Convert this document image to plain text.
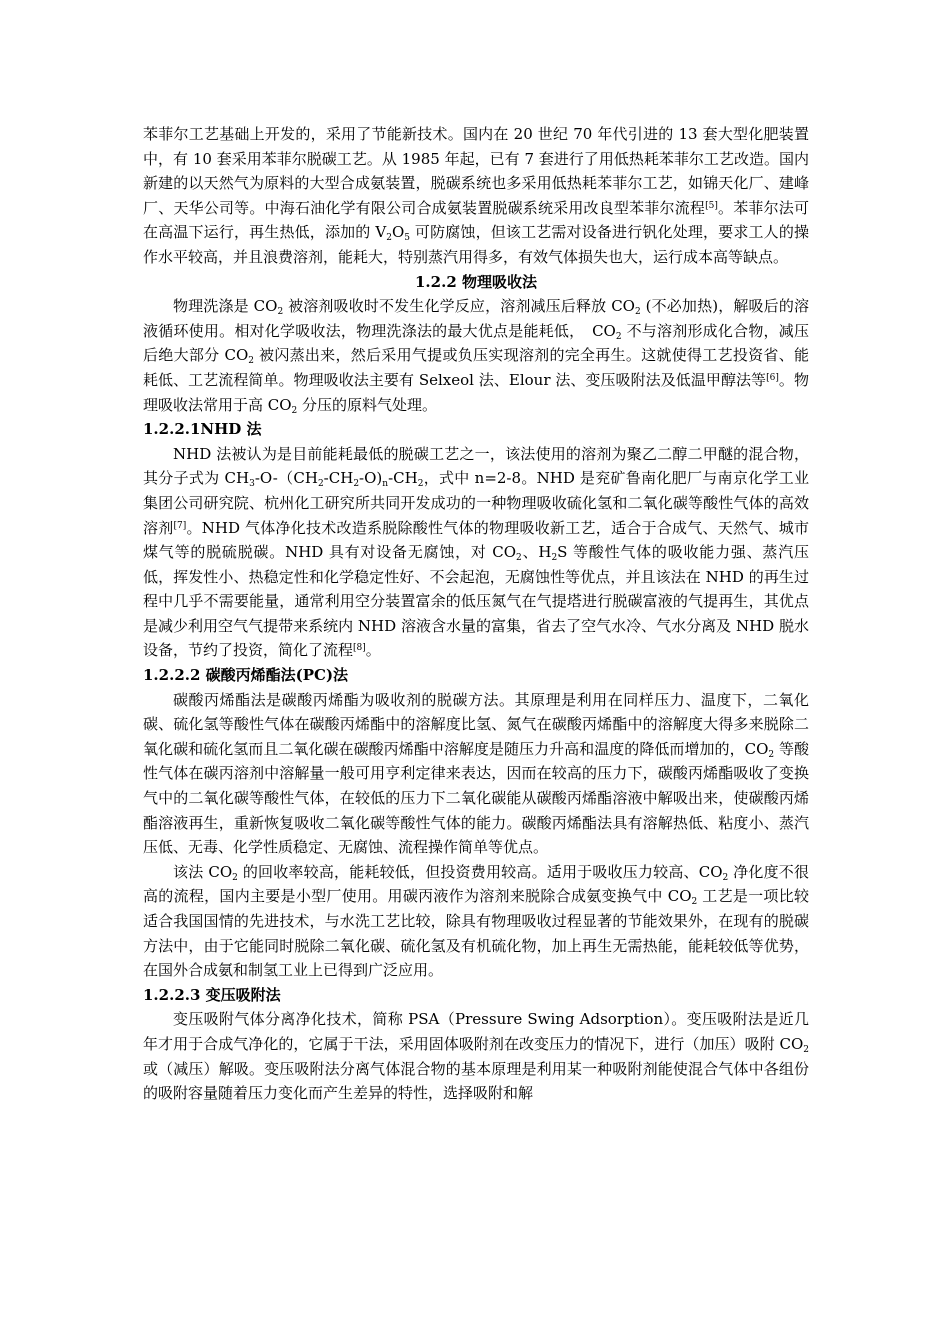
苯菲尔工艺基础上开发的，采用了节能新技术。国内在 20 世纪 70 年代引进的 13 套大型化肥装置中，有 10 套采用苯菲尔脱碳工艺。从 1985 年起，已有 7 套进行了用低热耗苯菲尔工艺改造。国内新建的以天然气为原料的大型合成氨装置，脱碳系统也多采用低热耗苯菲尔工艺，如锦天化厂、建峰厂、天华公司等。中海石油化学有限公司合成氨装置脱碳系统采用改良型苯菲尔流程[5]。苯菲尔法可在高温下运行，再生热低，添加的 $V_2O_5$ 可防腐蚀，但该工艺需对设备进行钒化处理，要求工人的操作水平较高，并且浪费溶剂，能耗大，特别蒸汽用得多，有效气体损失也大，运行成本高等缺点。

1.2.2 物理吸收法

物理洗涤是 $CO_2$ 被溶剂吸收时不发生化学反应，溶剂减压后释放 $CO_2$ (不必加热)，解吸后的溶液循环使用。相对化学吸收法，物理洗涤法的最大优点是能耗低，　$CO_2$ 不与溶剂形成化合物，减压后绝大部分 $CO_2$ 被闪蒸出来，然后采用气提或负压实现溶剂的完全再生。这就使得工艺投资省、能耗低、工艺流程简单。物理吸收法主要有 Selxeol 法、Elour 法、变压吸附法及低温甲醇法等[6]。物理吸收法常用于高 $CO_2$ 分压的原料气处理。

1.2.2.1NHD 法

NHD 法被认为是目前能耗最低的脱碳工艺之一，该法使用的溶剂为聚乙二醇二甲醚的混合物，其分子式为 $CH_3-O-(CH_2-CH_2-O)_n-CH_2$，式中 n=2-8。NHD 是兖矿鲁南化肥厂与南京化学工业集团公司研究院、杭州化工研究所共同开发成功的一种物理吸收硫化氢和二氧化碳等酸性气体的高效溶剂[7]。NHD 气体净化技术改造系脱除酸性气体的物理吸收新工艺，适合于合成气、天然气、城市煤气等的脱硫脱碳。NHD 具有对设备无腐蚀，对 $CO_2$、$H_2S$ 等酸性气体的吸收能力强、蒸汽压低，挥发性小、热稳定性和化学稳定性好、不会起泡，无腐蚀性等优点，并且该法在 NHD 的再生过程中几乎不需要能量，通常利用空分装置富余的低压氮气在气提塔进行脱碳富液的气提再生，其优点是减少利用空气气提带来系统内 NHD 溶液含水量的富集，省去了空气水冷、气水分离及 NHD 脱水设备，节约了投资，简化了流程[8]。

1.2.2.2 碳酸丙烯酯法(PC)法

碳酸丙烯酯法是碳酸丙烯酯为吸收剂的脱碳方法。其原理是利用在同样压力、温度下，二氧化碳、硫化氢等酸性气体在碳酸丙烯酯中的溶解度比氢、氮气在碳酸丙烯酯中的溶解度大得多来脱除二氧化碳和硫化氢而且二氧化碳在碳酸丙烯酯中溶解度是随压力升高和温度的降低而增加的，$CO_2$ 等酸性气体在碳丙溶剂中溶解量一般可用亨利定律来表达，因而在较高的压力下，碳酸丙烯酯吸收了变换气中的二氧化碳等酸性气体，在较低的压力下二氧化碳能从碳酸丙烯酯溶液中解吸出来，使碳酸丙烯酯溶液再生，重新恢复吸收二氧化碳等酸性气体的能力。碳酸丙烯酯法具有溶解热低、粘度小、蒸汽压低、无毒、化学性质稳定、无腐蚀、流程操作简单等优点。

该法 $CO_2$ 的回收率较高，能耗较低，但投资费用较高。适用于吸收压力较高、$CO_2$ 净化度不很高的流程，国内主要是小型厂使用。用碳丙液作为溶剂来脱除合成氨变换气中 $CO_2$ 工艺是一项比较适合我国国情的先进技术，与水洗工艺比较，除具有物理吸收过程显著的节能效果外，在现有的脱碳方法中，由于它能同时脱除二氧化碳、硫化氢及有机硫化物，加上再生无需热能，能耗较低等优势，在国外合成氨和制氢工业上已得到广泛应用。

1.2.2.3 变压吸附法

变压吸附气体分离净化技术，简称 PSA（Pressure Swing Adsorption）。变压吸附法是近几年才用于合成气净化的，它属于干法，采用固体吸附剂在改变压力的情况下，进行（加压）吸附 $CO_2$ 或（减压）解吸。变压吸附法分离气体混合物的基本原理是利用某一种吸附剂能使混合气体中各组份的吸附容量随着压力变化而产生差异的特性，选择吸附和解
